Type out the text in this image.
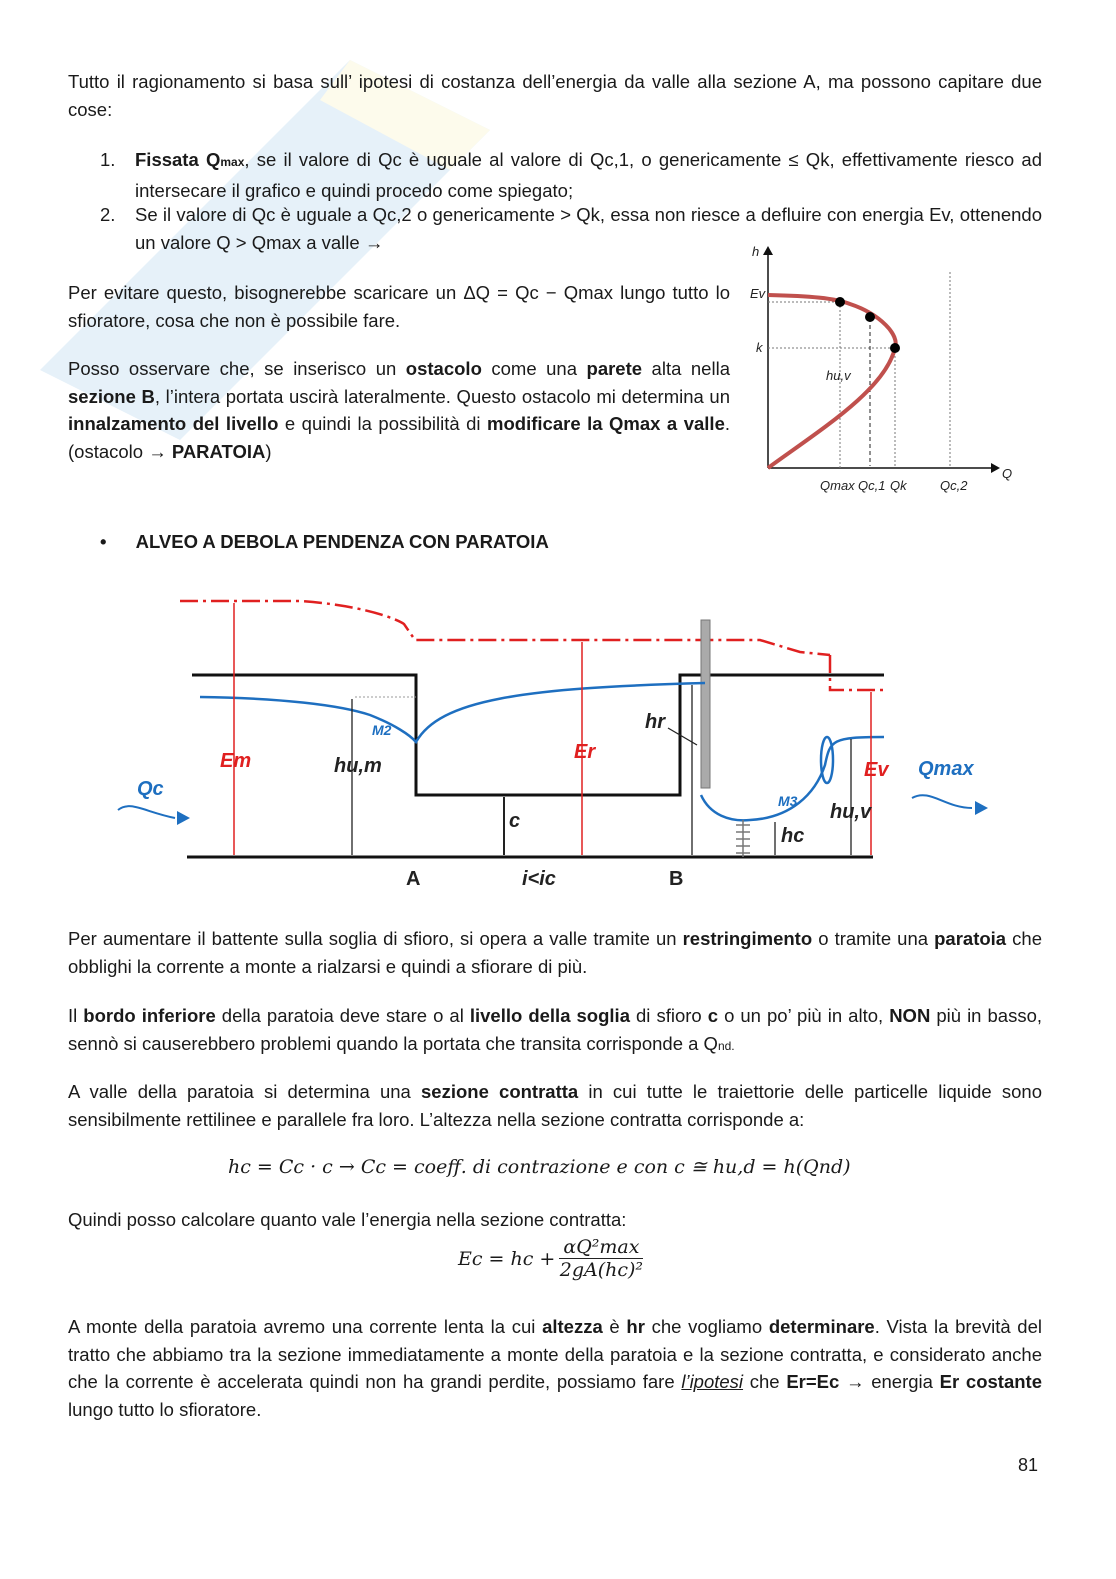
Tutto il ragionamento si basa sull’ ipotesi di costanza dell’energia da valle alla sezione A, ma possono capitare due cose:
1. Fissata Qmax, se il valore di Qc è uguale al valore di Qc,1, o genericamente ≤ Qk, effettivamente riesco ad intersecare il grafico e quindi procedo come spiegato;
2. Se il valore di Qc è uguale a Qc,2 o genericamente > Qk, essa non riesce a defluire con energia Ev, ottenendo un valore Q > Qmax a valle →
Per evitare questo, bisognerebbe scaricare un ΔQ = Qc − Qmax lungo tutto lo sfioratore, cosa che non è possibile fare.
Posso osservare che, se inserisco un ostacolo come una parete alta nella sezione B, l’intera portata uscirà lateralmente. Questo ostacolo mi determina un innalzamento del livello e quindi la possibilità di modificare la Qmax a valle. (ostacolo → PARATOIA)
h
Q
Ev
k
hu,v
Qmax Qc,1 Qk	Qc,2
• ALVEO A DEBOLA PENDENZA CON PARATOIA
Qc
Em	hu,m
M2
Er
c
hr
M3
hc
hu,v
Ev Qmax
A	i<ic	B
Per aumentare il battente sulla soglia di sfioro, si opera a valle tramite un restringimento o tramite una paratoia che obblighi la corrente a monte a rialzarsi e quindi a sfiorare di più.
Il bordo inferiore della paratoia deve stare o al livello della soglia di sfioro c o un po’ più in alto, NON più in basso, sennò si causerebbero problemi quando la portata che transita corrisponde a Qnd.
A valle della paratoia si determina una sezione contratta in cui tutte le traiettorie delle particelle liquide sono sensibilmente rettilinee e parallele fra loro. L’altezza nella sezione contratta corrisponde a:
hc = Cc · c → Cc = coeff. di contrazione e con c ≅ hu,d = h(Qnd)
Quindi posso calcolare quanto vale l’energia nella sezione contratta:
Ec = hc +
αQ²max
2gA(hc)²
A monte della paratoia avremo una corrente lenta la cui altezza è hr che vogliamo determinare. Vista la brevità del tratto che abbiamo tra la sezione immediatamente a monte della paratoia e la sezione contratta, e considerato anche che la corrente è accelerata quindi non ha grandi perdite, possiamo fare l’ipotesi che Er=Ec → energia Er costante lungo tutto lo sfioratore.
81
